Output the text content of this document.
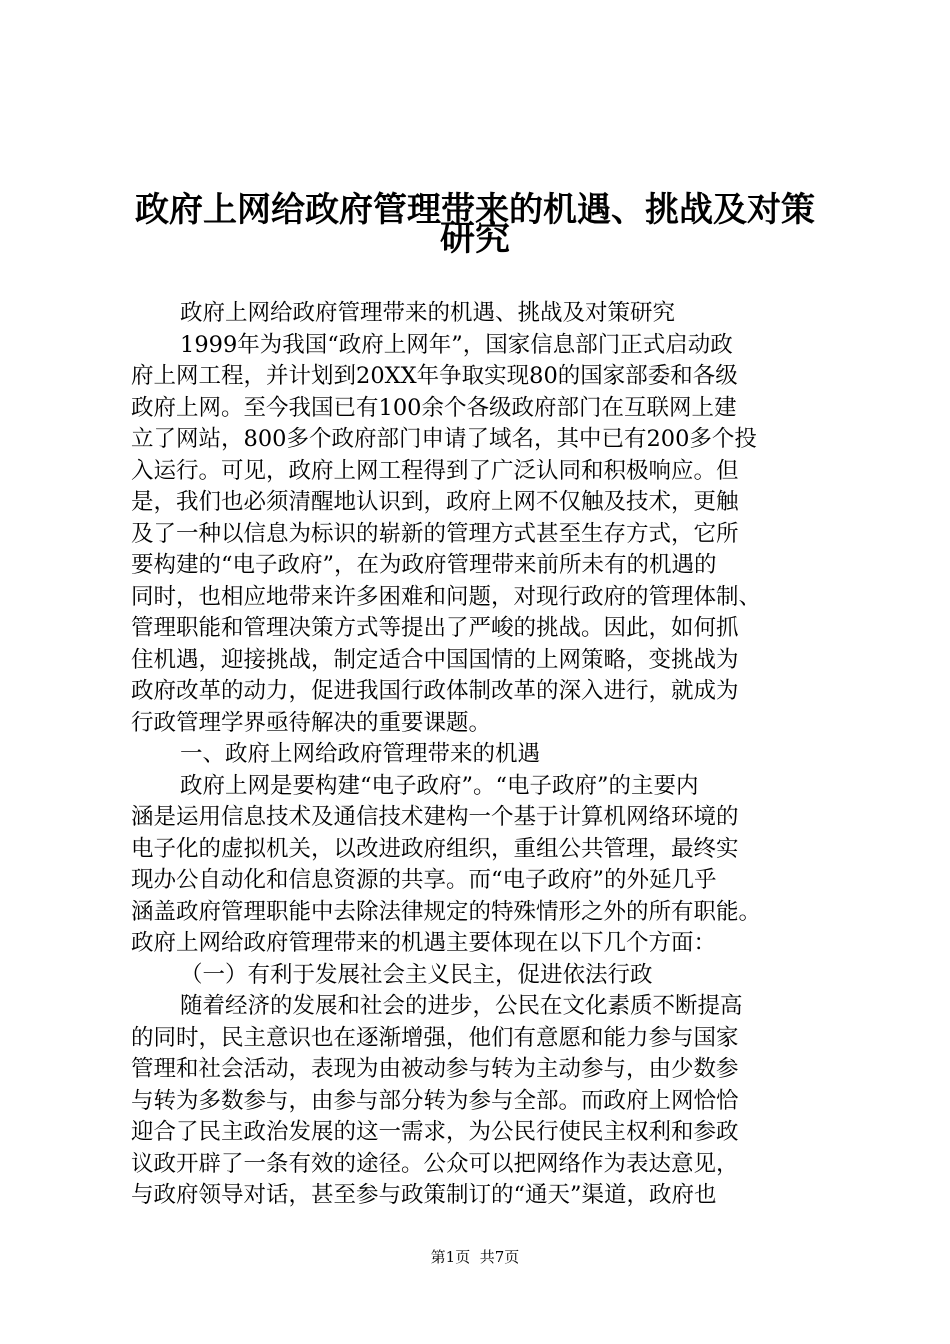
政府上网给政府管理带来的机遇、挑战及对策
研究
政府上网给政府管理带来的机遇、挑战及对策研究
1999年为我国“政府上网年”，国家信息部门正式启动政
府上网工程，并计划到20XX年争取实现80的国家部委和各级
政府上网。至今我国已有100余个各级政府部门在互联网上建
立了网站，800多个政府部门申请了域名，其中已有200多个投
入运行。可见，政府上网工程得到了广泛认同和积极响应。但
是，我们也必须清醒地认识到，政府上网不仅触及技术，更触
及了一种以信息为标识的崭新的管理方式甚至生存方式，它所
要构建的“电子政府”，在为政府管理带来前所未有的机遇的
同时，也相应地带来许多困难和问题，对现行政府的管理体制、
管理职能和管理决策方式等提出了严峻的挑战。因此，如何抓
住机遇，迎接挑战，制定适合中国国情的上网策略，变挑战为
政府改革的动力，促进我国行政体制改革的深入进行，就成为
行政管理学界亟待解决的重要课题。
一、政府上网给政府管理带来的机遇
政府上网是要构建“电子政府”。“电子政府”的主要内
涵是运用信息技术及通信技术建构一个基于计算机网络环境的
电子化的虚拟机关，以改进政府组织，重组公共管理，最终实
现办公自动化和信息资源的共享。而“电子政府”的外延几乎
涵盖政府管理职能中去除法律规定的特殊情形之外的所有职能。
政府上网给政府管理带来的机遇主要体现在以下几个方面：
（一）有利于发展社会主义民主，促进依法行政
随着经济的发展和社会的进步，公民在文化素质不断提高
的同时，民主意识也在逐渐增强，他们有意愿和能力参与国家
管理和社会活动，表现为由被动参与转为主动参与，由少数参
与转为多数参与，由参与部分转为参与全部。而政府上网恰恰
迎合了民主政治发展的这一需求，为公民行使民主权利和参政
议政开辟了一条有效的途径。公众可以把网络作为表达意见，
与政府领导对话，甚至参与政策制订的“通天”渠道，政府也
第1页 共7页
